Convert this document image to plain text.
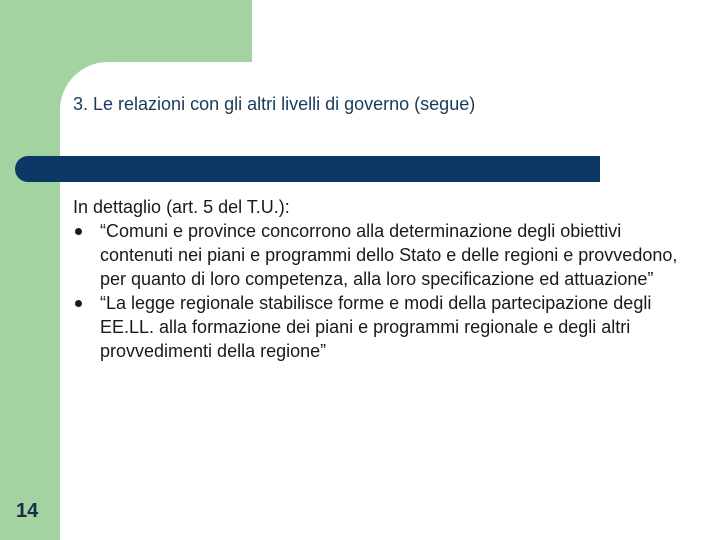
3. Le relazioni con gli altri livelli di governo (segue)

In dettaglio (art. 5 del T.U.):

“Comuni e province concorrono alla determinazione degli obiettivi contenuti nei piani e programmi dello Stato e delle regioni e provvedono, per quanto di loro competenza, alla loro specificazione ed attuazione”
“La legge regionale stabilisce forme e modi della partecipazione degli EE.LL. alla formazione dei piani e programmi regionale e degli altri provvedimenti della regione”
14
